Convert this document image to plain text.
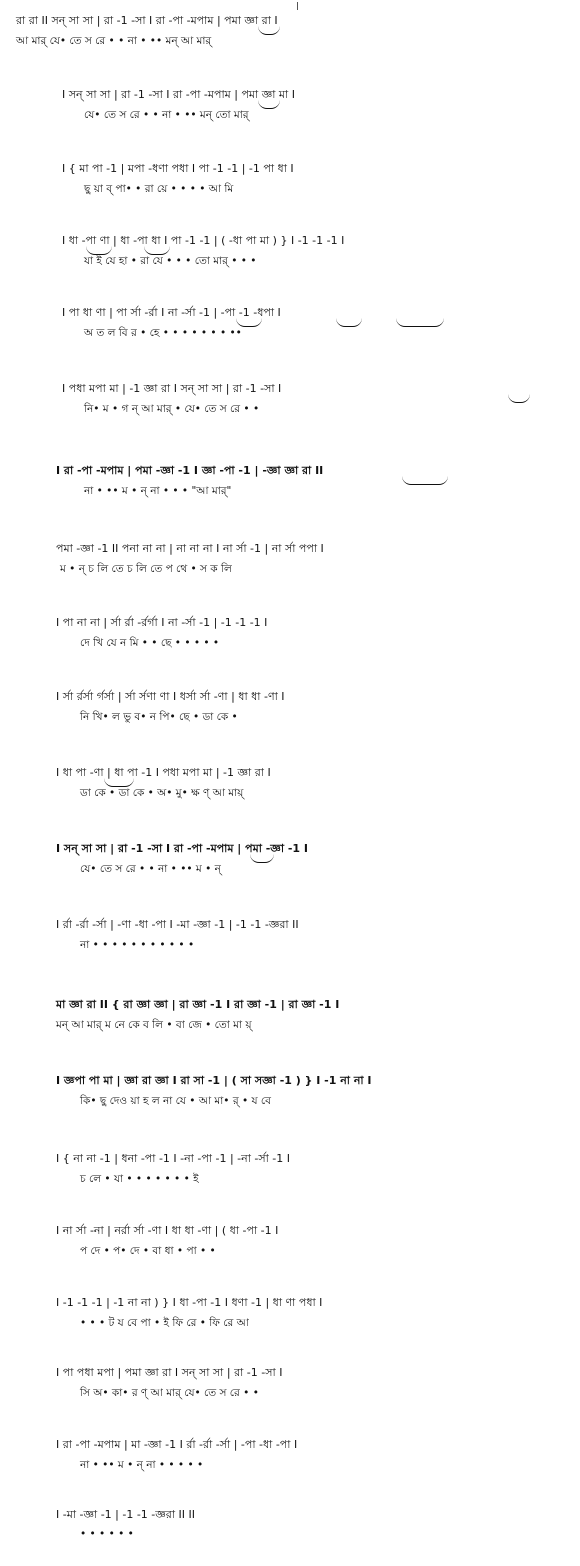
রা রা II সন্‌ সা সা | রা -1 -সা I রা -পা -মপাম | পমা জ্ঞা রা I
আ মার্‌ যে• তে স রে • • না • •• মন্‌ আ মার্‌
I সন্‌ সা সা | রা -1 -সা I রা -পা -মপাম | পমা জ্ঞা মা I
যে• তে স রে • • না • •• মন্‌ তো মার্‌
I { মা পা -1 | মপা -ধণা পধা I পা -1 -1 | -1 পা ধা I
ছু য়া ব্‌ পা• • রা য়ে • • • • আ মি
I ধা -পা ণা | ধা -পা ধা I পা -1 -1 | ( -ধা পা মা ) } I -1 -1 -1 I
যা ই যে হা • রা যে • • • তো মার্‌ • • •
I পা ধা ণা | পা র্সা -র্রা I না -র্সা -1 | -পা -1 -ধপা I
অ ত ল বি র • হে • • • • • • • ••
I পধা মপা মা | -1 জ্ঞা রা I সন্‌ সা সা | রা -1 -সা I
নি• ম • গ ন্‌ আ মার্‌ • যে• তে স রে • •
I রা -পা -মপাম | পমা -জ্ঞা -1 I জ্ঞা -পা -1 | -জ্ঞা জ্ঞা রা II
না • •• ম • ন্‌ না • • • "আ মার্‌"
পমা -জ্ঞা -1 II পনা না না | না না না I না র্সা -1 | না র্সা পপা I
ম • ন্‌ চ লি তে চ লি তে প থে • স ক লি
I পা না না | র্সা র্রা -র্রর্গা I না -র্সা -1 | -1 -1 -1 I
দে খি যে ন মি • • ছে • • • • •
I র্সা র্রর্সা র্গর্সা | র্সা র্সণা ণা I ধর্সা র্সা -ণা | ধা ধা -ণা I
নি খি• ল ভু ব• ন পি• ছে • ডা কে •
I ধা পা -ণা | ধা পা -1 I পধা মপা মা | -1 জ্ঞা রা I
ডা কে • ডা কে • অ• মু• ক্ষ ণ্‌ আ মায়্‌
I সন্‌ সা সা | রা -1 -সা I রা -পা -মপাম | পমা -জ্ঞা -1 I
যে• তে স রে • • না • •• ম • ন্‌
I র্রা -র্রা -র্সা | -ণা -ধা -পা I -মা -জ্ঞা -1 | -1 -1 -জ্ঞরা II
না • • • • • • • • • • •
মা জ্ঞা রা II { রা জ্ঞা জ্ঞা | রা জ্ঞা -1 I রা জ্ঞা -1 | রা জ্ঞা -1 I
মন্‌ আ মার্‌ ম নে কে ব লি • বা জে • তো মা য়্‌
I জ্ঞপা পা মা | জ্ঞা রা জ্ঞা I রা সা -1 | ( সা সজ্ঞা -1 ) } I -1 না না I
কি• ছু দেও য়া হ ল না যে • আ মা• র্‌ • য বে
I { না না -1 | ধনা -পা -1 I -না -পা -1 | -না -র্সা -1 I
চ লে • যা • • • • • • • ই
I না র্সা -না | নর্রা র্সা -ণা I ধা ধা -ণা | ( ধা -পা -1 I
প দে • প• দে • বা ধা • পা • •
I -1 -1 -1 | -1 না না ) } I ধা -পা -1 I ধণা -1 | ধা ণা পধা I
• • • ট য বে পা • ই ফি রে • ফি রে আ
I পা পধা মপা | পমা জ্ঞা রা I সন্‌ সা সা | রা -1 -সা I
সি অ• কা• র ণ্‌ আ মার্‌ যে• তে স রে • •
I রা -পা -মপাম | মা -জ্ঞা -1 I র্রা -র্রা -র্সা | -পা -ধা -পা I
না • •• ম • ন্‌ না • • • • •
I -মা -জ্ঞা -1 | -1 -1 -জ্ঞরা II II
• • • • • •
